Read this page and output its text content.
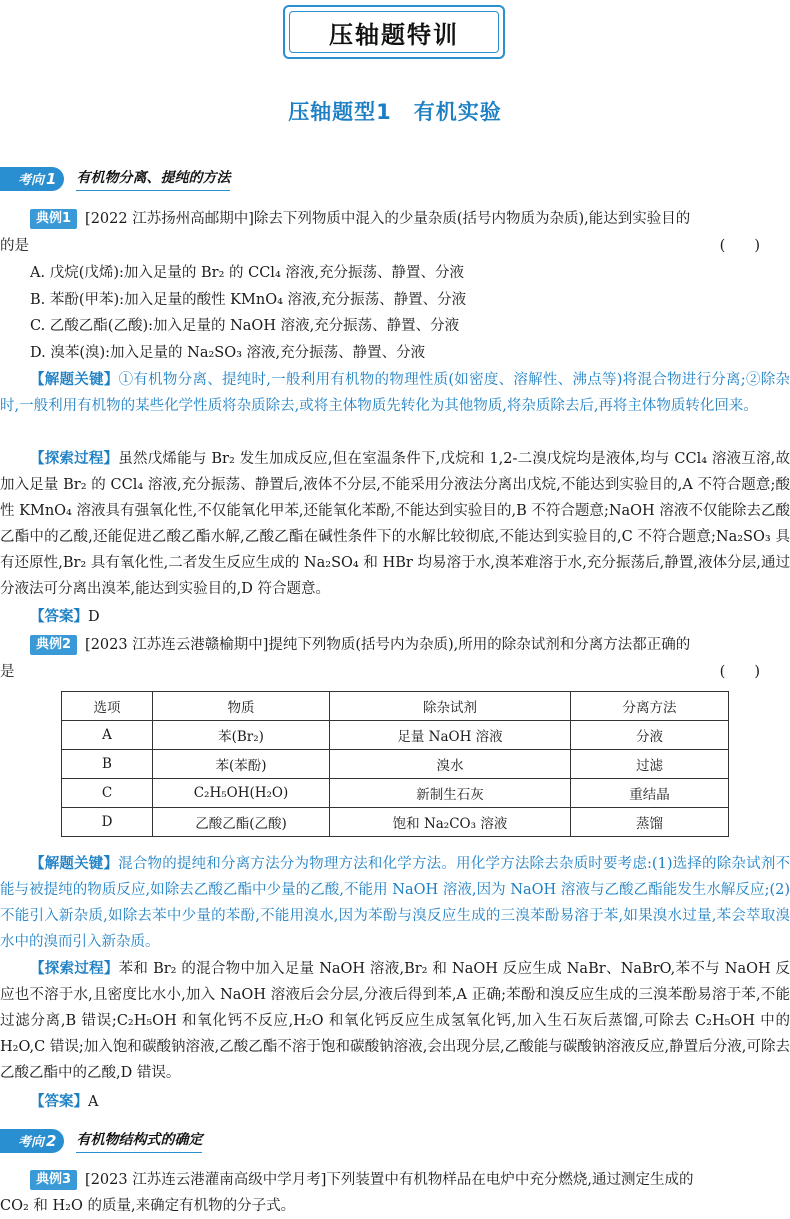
压轴题特训
压轴题型1　有机实验
考向 1	有机物分离、提纯的方法
典例1 [2022 江苏扬州高邮期中]除去下列物质中混入的少量杂质(括号内物质为杂质),能达到实验目的
的是	(　　)
A. 戊烷(戊烯):加入足量的 Br₂ 的 CCl₄ 溶液,充分振荡、静置、分液
B. 苯酚(甲苯):加入足量的酸性 KMnO₄ 溶液,充分振荡、静置、分液
C. 乙酸乙酯(乙酸):加入足量的 NaOH 溶液,充分振荡、静置、分液
D. 溴苯(溴):加入足量的 Na₂SO₃ 溶液,充分振荡、静置、分液
【解题关键】①有机物分离、提纯时,一般利用有机物的物理性质(如密度、溶解性、沸点等)将混合物进行分离;②除杂时,一般利用有机物的某些化学性质将杂质除去,或将主体物质先转化为其他物质,将杂质除去后,再将主体物质转化回来。
【探索过程】虽然戊烯能与 Br₂ 发生加成反应,但在室温条件下,戊烷和 1,2-二溴戊烷均是液体,均与 CCl₄ 溶液互溶,故加入足量 Br₂ 的 CCl₄ 溶液,充分振荡、静置后,液体不分层,不能采用分液法分离出戊烷,不能达到实验目的,A 不符合题意;酸性 KMnO₄ 溶液具有强氧化性,不仅能氧化甲苯,还能氧化苯酚,不能达到实验目的,B 不符合题意;NaOH 溶液不仅能除去乙酸乙酯中的乙酸,还能促进乙酸乙酯水解,乙酸乙酯在碱性条件下的水解比较彻底,不能达到实验目的,C 不符合题意;Na₂SO₃ 具有还原性,Br₂ 具有氧化性,二者发生反应生成的 Na₂SO₄ 和 HBr 均易溶于水,溴苯难溶于水,充分振荡后,静置,液体分层,通过分液法可分离出溴苯,能达到实验目的,D 符合题意。
【答案】D
典例2 [2023 江苏连云港赣榆期中]提纯下列物质(括号内为杂质),所用的除杂试剂和分离方法都正确的
是	(　　)
选项	物质	除杂试剂	分离方法
A	苯(Br₂)	足量 NaOH 溶液	分液
B	苯(苯酚)	溴水	过滤
C	C₂H₅OH(H₂O)	新制生石灰	重结晶
D	乙酸乙酯(乙酸)	饱和 Na₂CO₃ 溶液	蒸馏
【解题关键】混合物的提纯和分离方法分为物理方法和化学方法。用化学方法除去杂质时要考虑:(1)选择的除杂试剂不能与被提纯的物质反应,如除去乙酸乙酯中少量的乙酸,不能用 NaOH 溶液,因为 NaOH 溶液与乙酸乙酯能发生水解反应;(2)不能引入新杂质,如除去苯中少量的苯酚,不能用溴水,因为苯酚与溴反应生成的三溴苯酚易溶于苯,如果溴水过量,苯会萃取溴水中的溴而引入新杂质。
【探索过程】苯和 Br₂ 的混合物中加入足量 NaOH 溶液,Br₂ 和 NaOH 反应生成 NaBr、NaBrO,苯不与 NaOH 反应也不溶于水,且密度比水小,加入 NaOH 溶液后会分层,分液后得到苯,A 正确;苯酚和溴反应生成的三溴苯酚易溶于苯,不能过滤分离,B 错误;C₂H₅OH 和氧化钙不反应,H₂O 和氧化钙反应生成氢氧化钙,加入生石灰后蒸馏,可除去 C₂H₅OH 中的 H₂O,C 错误;加入饱和碳酸钠溶液,乙酸乙酯不溶于饱和碳酸钠溶液,会出现分层,乙酸能与碳酸钠溶液反应,静置后分液,可除去乙酸乙酯中的乙酸,D 错误。
【答案】A
考向 2	有机物结构式的确定
典例3 [2023 江苏连云港灌南高级中学月考]下列装置中有机物样品在电炉中充分燃烧,通过测定生成的
CO₂ 和 H₂O 的质量,来确定有机物的分子式。
